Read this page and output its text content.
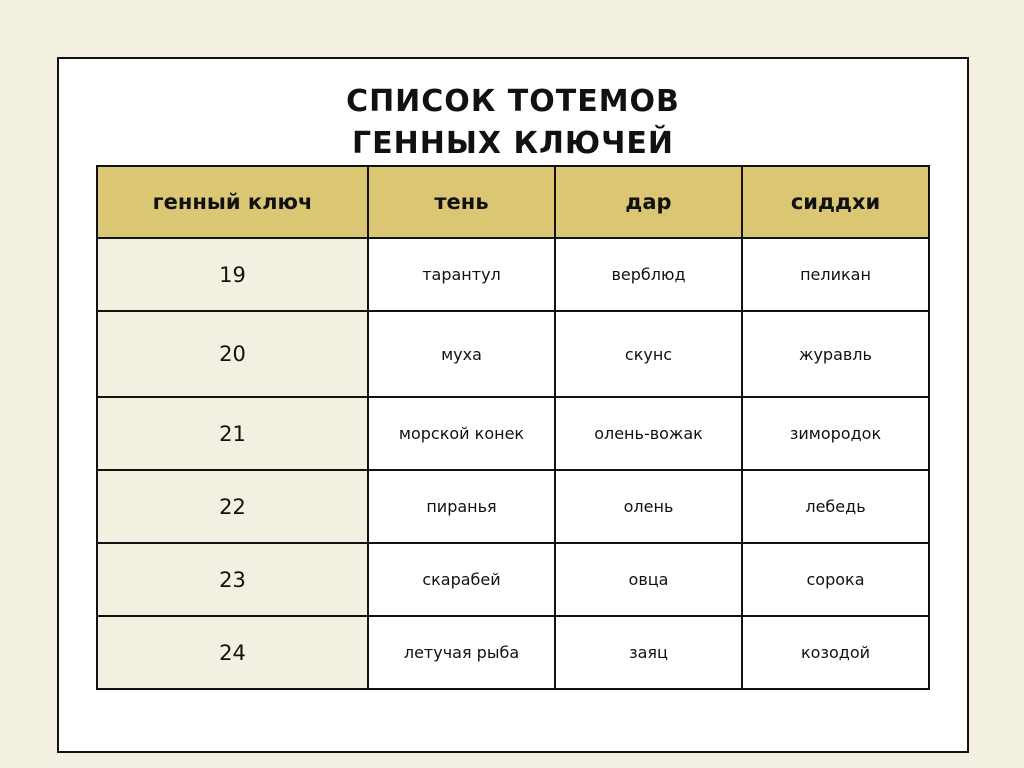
СПИСОК ТОТЕМОВ
ГЕННЫХ КЛЮЧЕЙ
генный ключ	тень	дар	сиддхи
19	тарантул	верблюд	пеликан
20	муха	скунс	журавль
21	морской конек	олень-вожак	зимородок
22	пиранья	олень	лебедь
23	скарабей	овца	сорока
24	летучая рыба	заяц	козодой
